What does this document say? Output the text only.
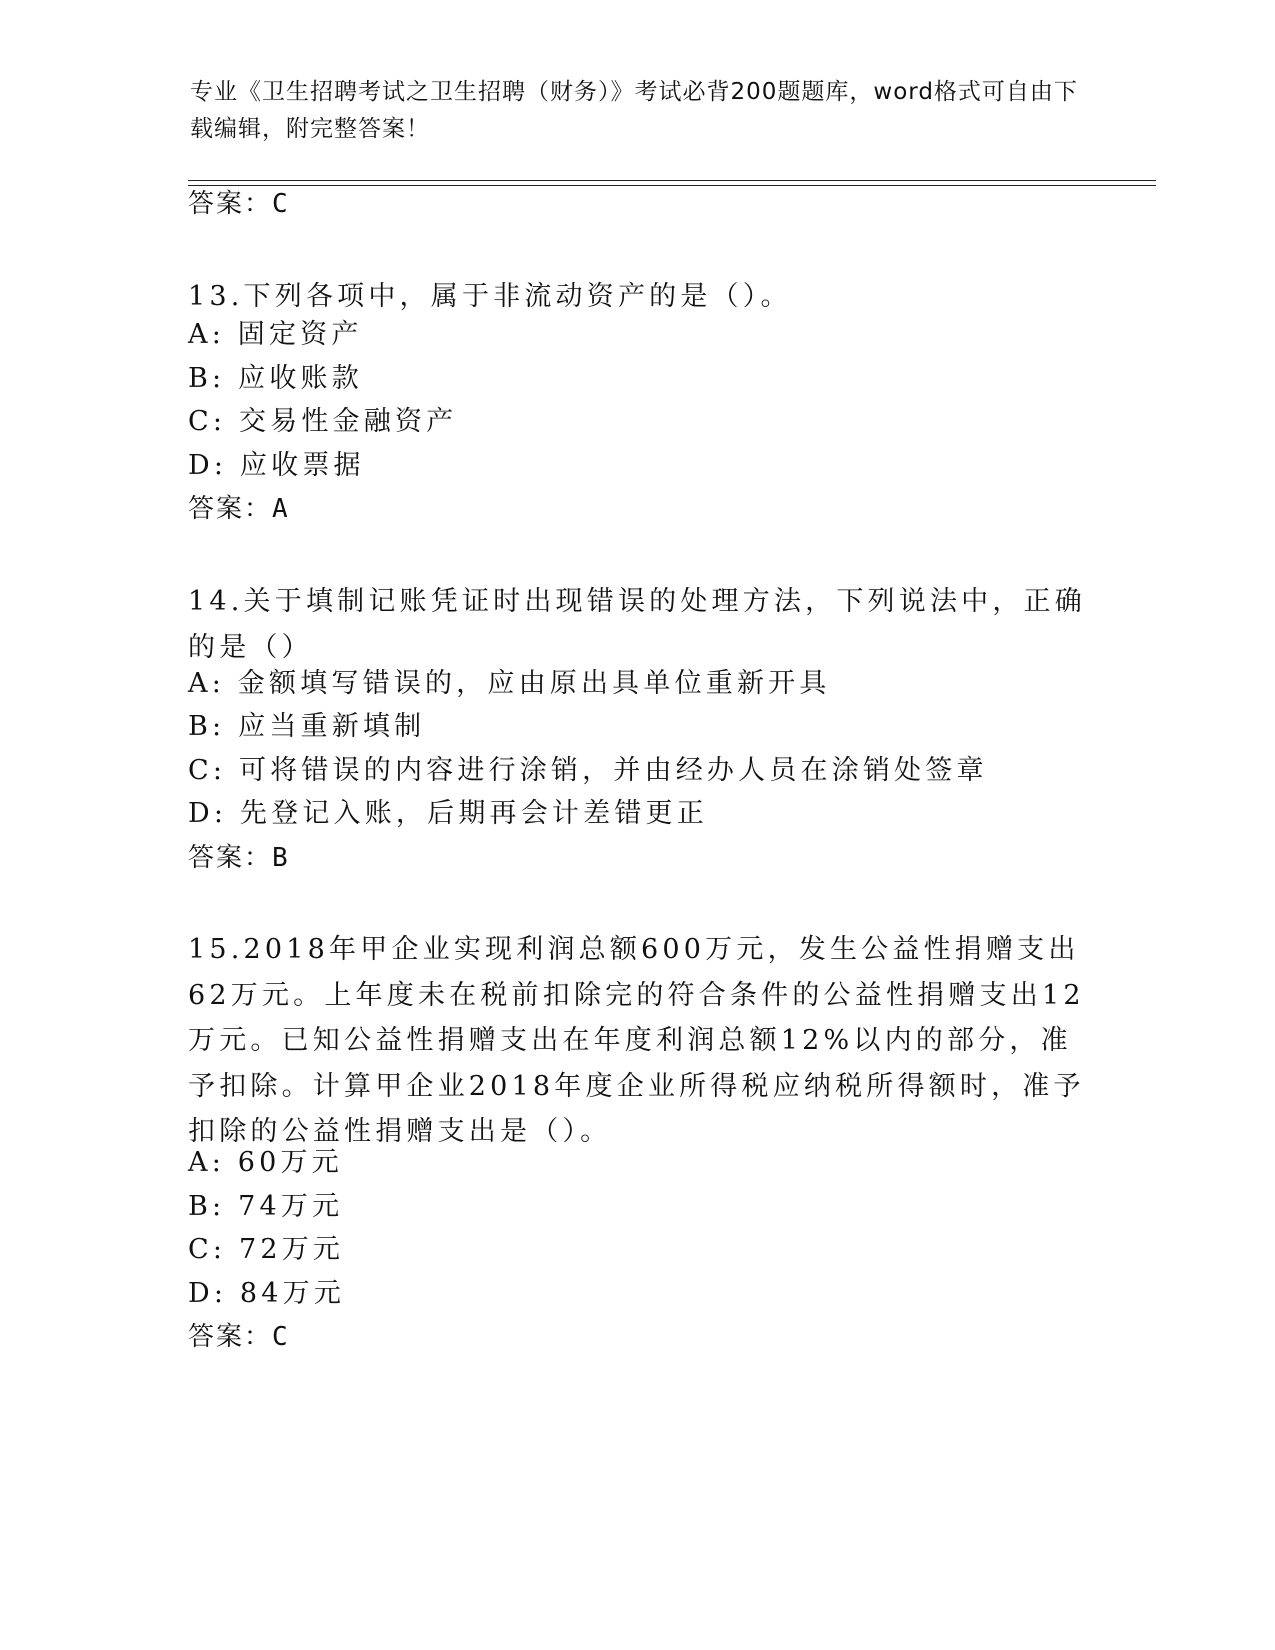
专业《卫生招聘考试之卫生招聘（财务）》考试必背200题题库，word格式可自由下载编辑，附完整答案！
答案：C
13.下列各项中，属于非流动资产的是（）。
A: 固定资产
B: 应收账款
C: 交易性金融资产
D: 应收票据
答案：A
14.关于填制记账凭证时出现错误的处理方法，下列说法中，正确的是（）
A: 金额填写错误的，应由原出具单位重新开具
B: 应当重新填制
C: 可将错误的内容进行涂销，并由经办人员在涂销处签章
D: 先登记入账，后期再会计差错更正
答案：B
15.2018年甲企业实现利润总额600万元，发生公益性捐赠支出62万元。上年度未在税前扣除完的符合条件的公益性捐赠支出12万元。已知公益性捐赠支出在年度利润总额12%以内的部分，准予扣除。计算甲企业2018年度企业所得税应纳税所得额时，准予扣除的公益性捐赠支出是（）。
A: 60万元
B: 74万元
C: 72万元
D: 84万元
答案：C
